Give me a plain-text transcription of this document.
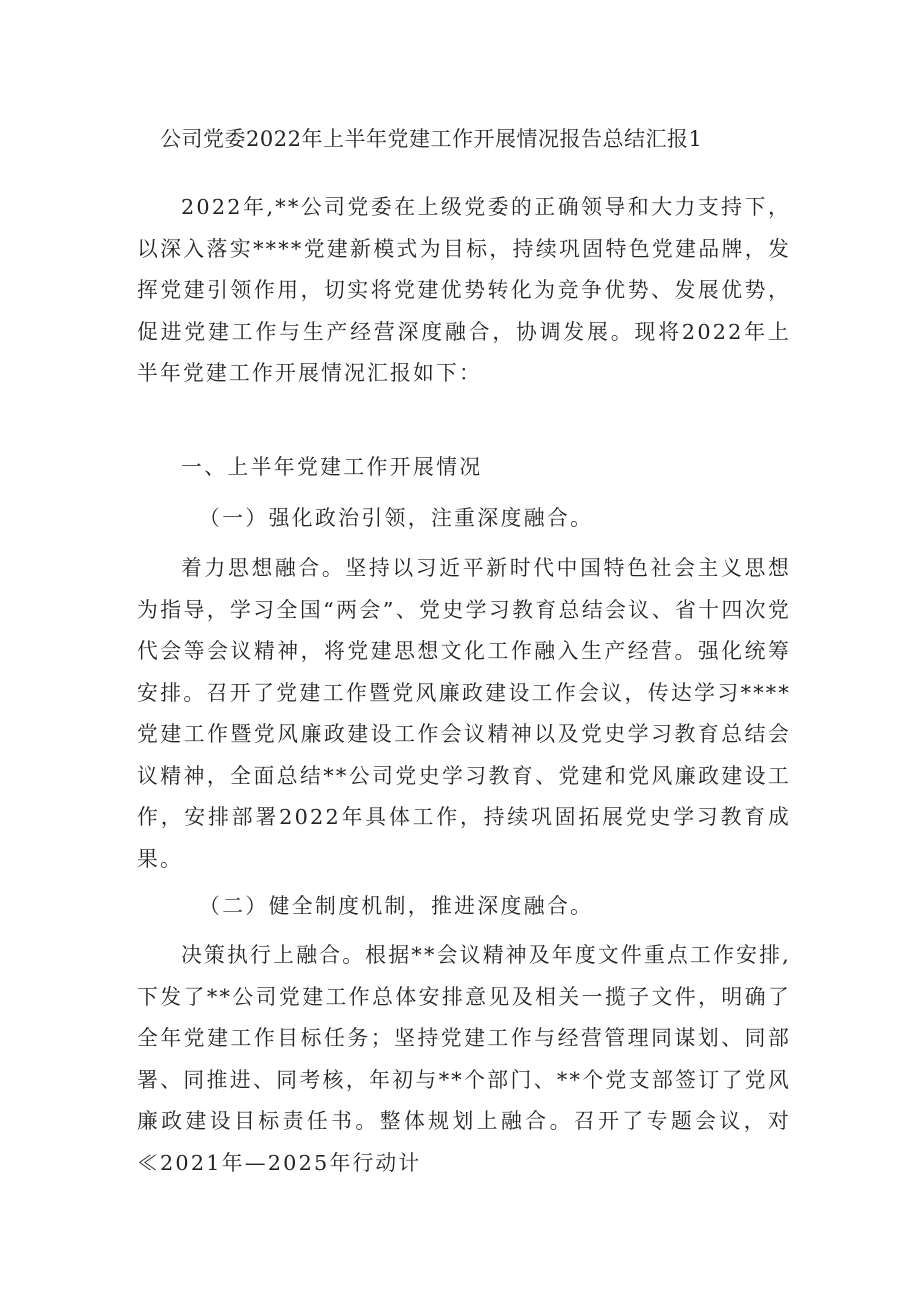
公司党委2022年上半年党建工作开展情况报告总结汇报1

2022年,**公司党委在上级党委的正确领导和大力支持下，以深入落实****党建新模式为目标，持续巩固特色党建品牌，发挥党建引领作用，切实将党建优势转化为竞争优势、发展优势，促进党建工作与生产经营深度融合，协调发展。现将2022年上半年党建工作开展情况汇报如下：

一、上半年党建工作开展情况
（一）强化政治引领，注重深度融合。

着力思想融合。坚持以习近平新时代中国特色社会主义思想为指导，学习全国“两会”、党史学习教育总结会议、省十四次党代会等会议精神，将党建思想文化工作融入生产经营。强化统筹安排。召开了党建工作暨党风廉政建设工作会议，传达学习****党建工作暨党风廉政建设工作会议精神以及党史学习教育总结会议精神，全面总结**公司党史学习教育、党建和党风廉政建设工作，安排部署2022年具体工作，持续巩固拓展党史学习教育成果。

（二）健全制度机制，推进深度融合。

决策执行上融合。根据**会议精神及年度文件重点工作安排,下发了**公司党建工作总体安排意见及相关一揽子文件，明确了全年党建工作目标任务；坚持党建工作与经营管理同谋划、同部署、同推进、同考核，年初与**个部门、**个党支部签订了党风廉政建设目标责任书。整体规划上融合。召开了专题会议，对≪2021年—2025年行动计
